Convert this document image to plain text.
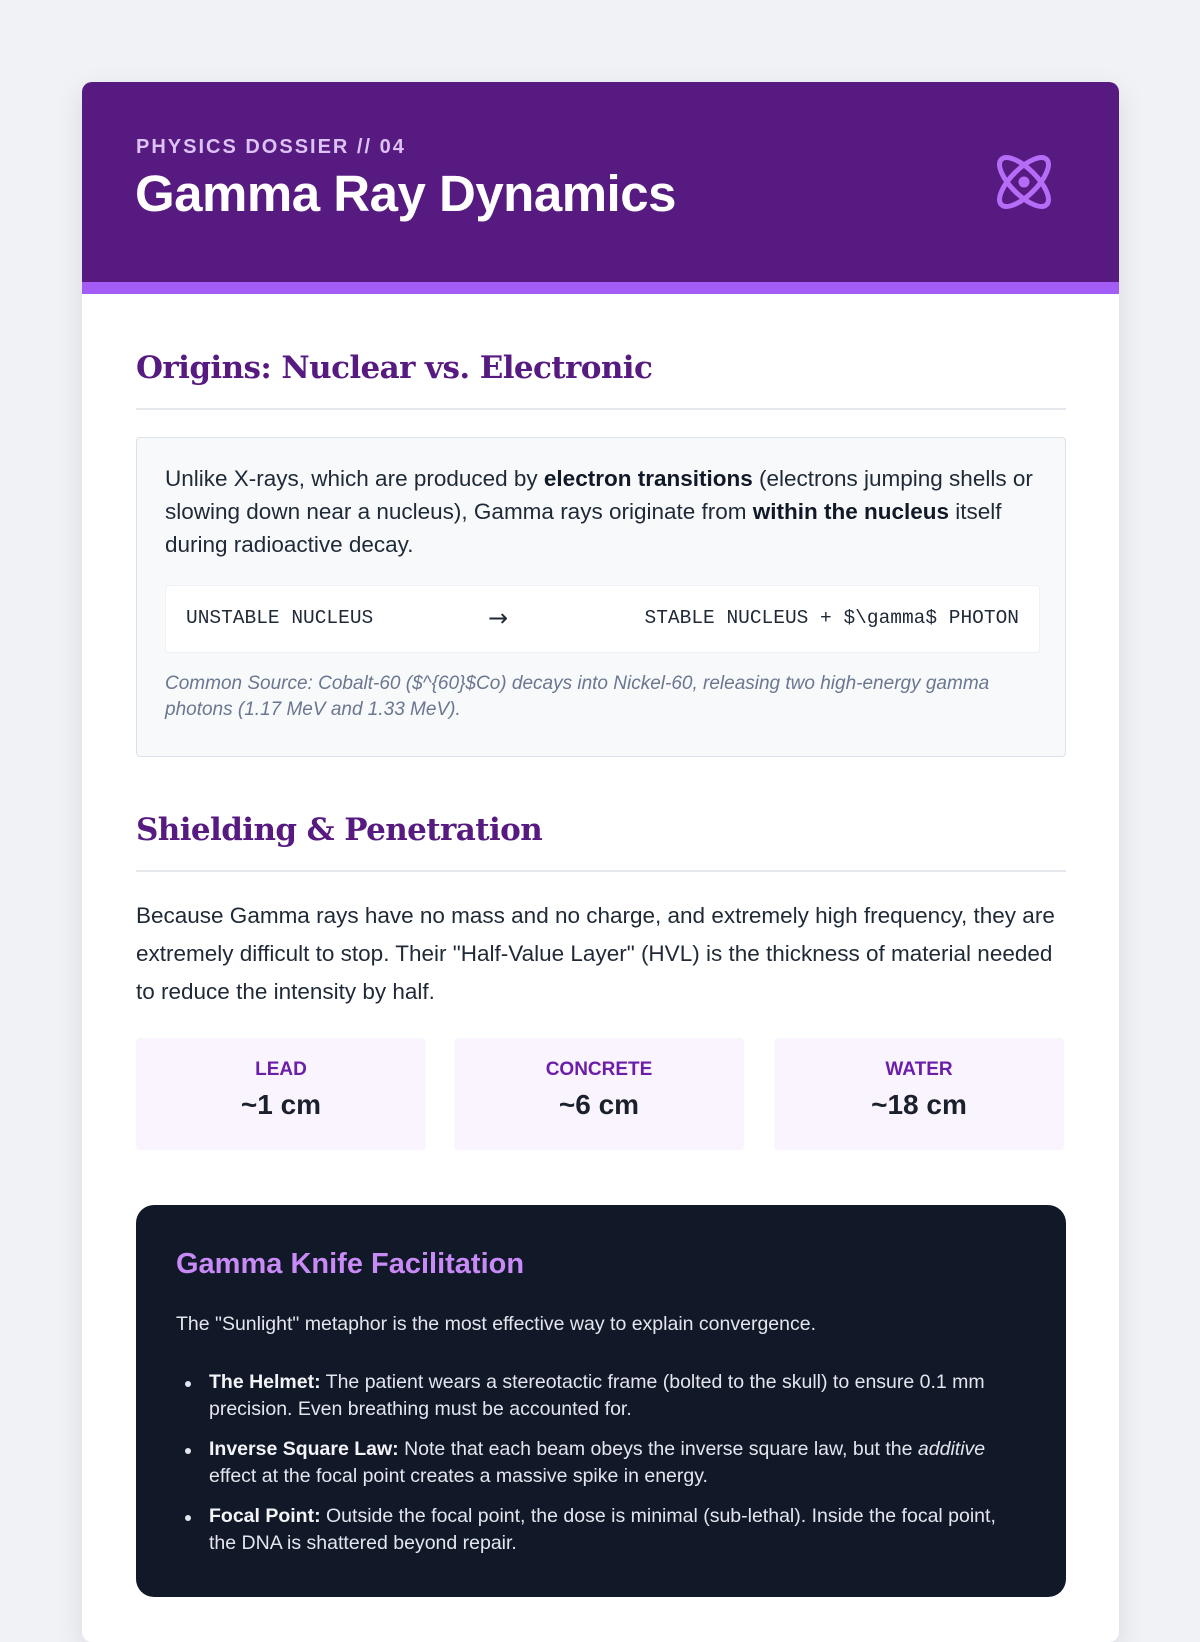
PHYSICS DOSSIER // 04

Gamma Ray Dynamics
Origins: Nuclear vs. Electronic

Unlike X-rays, which are produced by electron transitions (electrons jumping shells or slowing down near a nucleus), Gamma rays originate from within the nucleus itself during radioactive decay.

UNSTABLE NUCLEUS	→	STABLE NUCLEUS + $\gamma$ PHOTON

Common Source: Cobalt-60 ($^{60}$Co) decays into Nickel-60, releasing two high-energy gamma photons (1.17 MeV and 1.33 MeV).

Shielding & Penetration

Because Gamma rays have no mass and no charge, and extremely high frequency, they are extremely difficult to stop. Their "Half-Value Layer" (HVL) is the thickness of material needed to reduce the intensity by half.

LEAD
~1 cm
CONCRETE
~6 cm
WATER
~18 cm
Gamma Knife Facilitation

The "Sunlight" metaphor is the most effective way to explain convergence.

The Helmet: The patient wears a stereotactic frame (bolted to the skull) to ensure 0.1 mm precision. Even breathing must be accounted for.
Inverse Square Law: Note that each beam obeys the inverse square law, but the additive effect at the focal point creates a massive spike in energy.
Focal Point: Outside the focal point, the dose is minimal (sub-lethal). Inside the focal point, the DNA is shattered beyond repair.
